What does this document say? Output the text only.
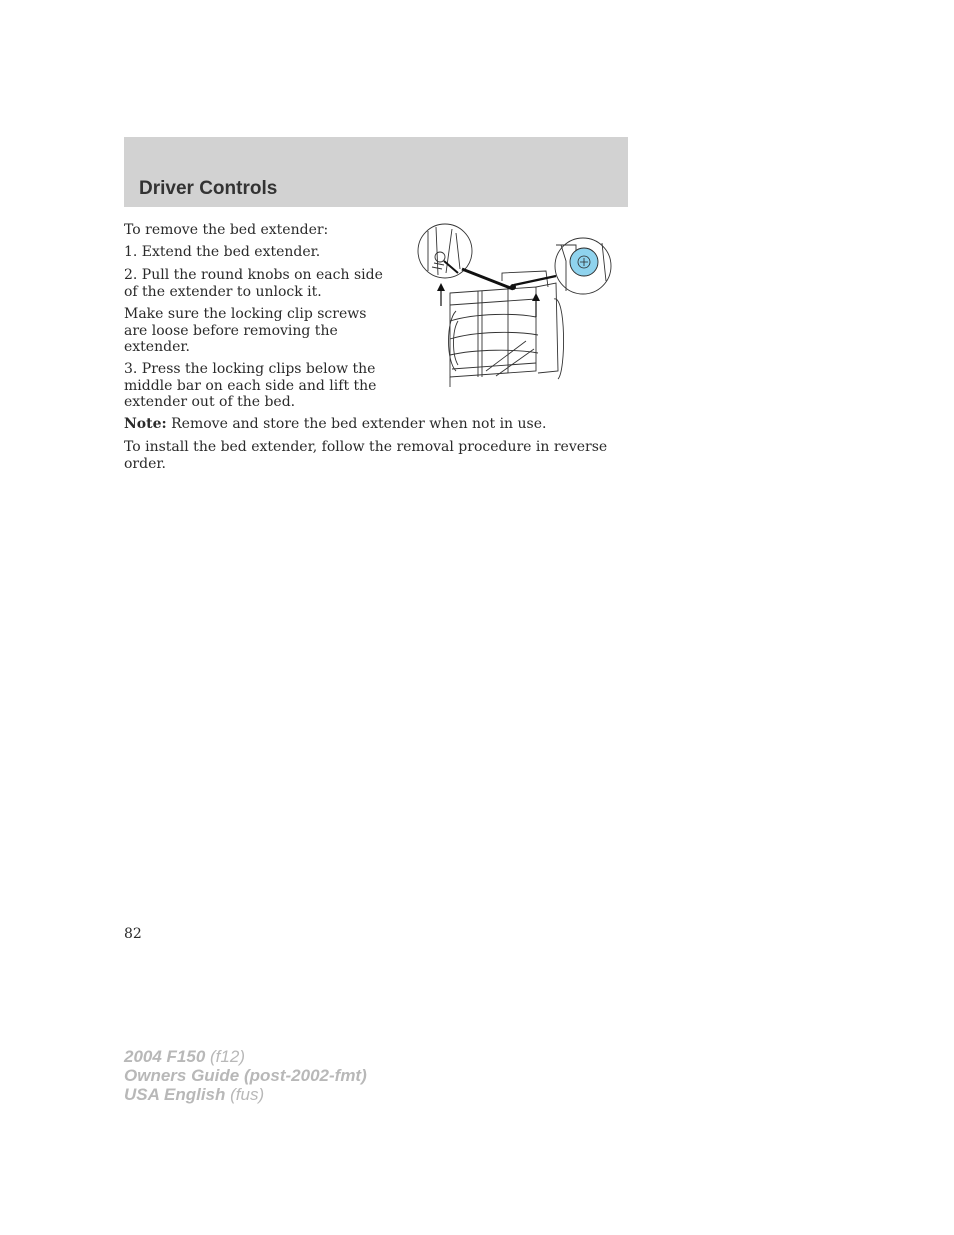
Driver Controls

To remove the bed extender:

1. Extend the bed extender.

2. Pull the round knobs on each side of the extender to unlock it.

Make sure the locking clip screws are loose before removing the extender.

3. Press the locking clips below the middle bar on each side and lift the extender out of the bed.

Note: Remove and store the bed extender when not in use.

To install the bed extender, follow the removal procedure in reverse order.

82
2004 F150 (f12)
Owners Guide (post-2002-fmt)
USA English (fus)
